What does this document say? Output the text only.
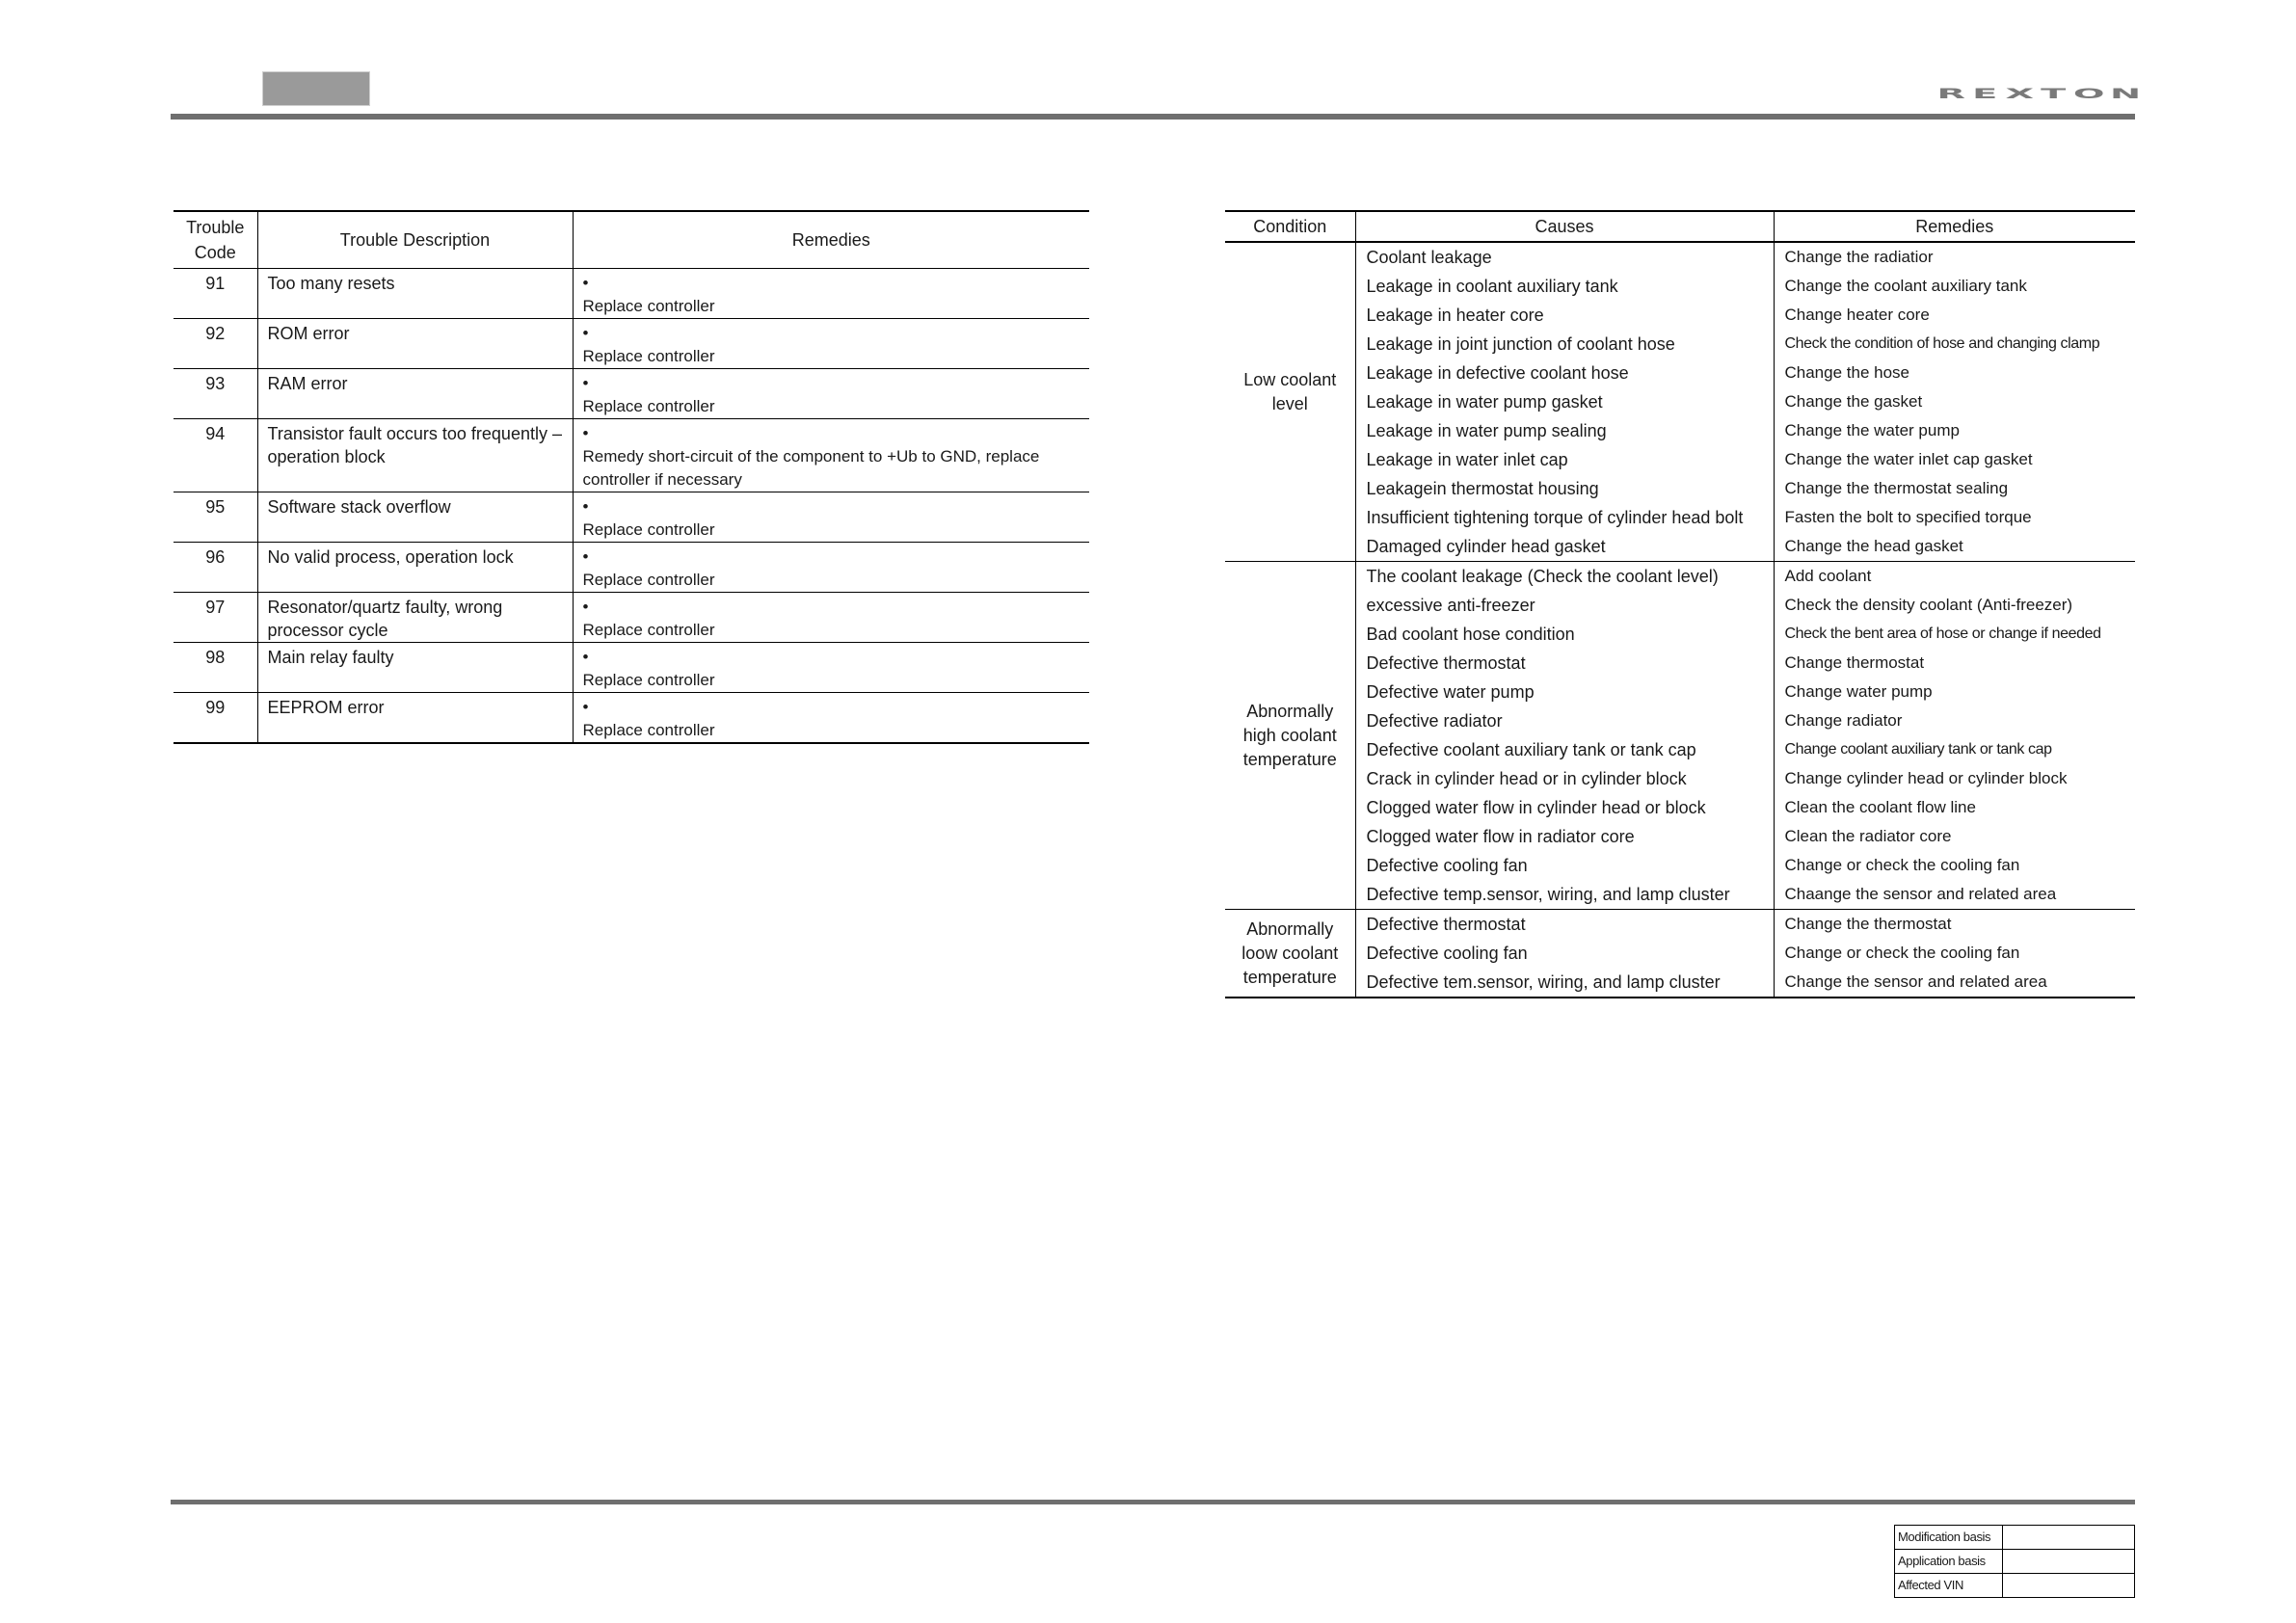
R E X T O N
Trouble Code	Trouble Description	Remedies
91	Too many resets	•Replace controller
92	ROM error	•Replace controller
93	RAM error	•Replace controller
94	Transistor fault occurs too frequently – operation block	•Remedy short-circuit of the component to +Ub to GND, replace controller if necessary
95	Software stack overflow	•Replace controller
96	No valid process, operation lock	•Replace controller
97	Resonator/quartz faulty, wrong processor cycle	•Replace controller
98	Main relay faulty	•Replace controller
99	EEPROM error	•Replace controller
Condition	Causes	Remedies
Low coolant level	Coolant leakage	Change the radiatior
	Leakage in coolant auxiliary tank	Change the coolant auxiliary tank
	Leakage in heater core	Change heater core
	Leakage in joint junction of coolant hose	Check the condition of hose and changing clamp
	Leakage in defective coolant hose	Change the hose
	Leakage in water pump gasket	Change the gasket
	Leakage in water pump sealing	Change the water pump
	Leakage in water inlet cap	Change the water inlet cap gasket
	Leakagein thermostat housing	Change the thermostat sealing
	Insufficient tightening torque of cylinder head bolt	Fasten the bolt to specified torque
	Damaged cylinder head gasket	Change the head gasket
Abnormally high coolant temperature	The coolant leakage (Check the coolant level)	Add coolant
	excessive anti-freezer	Check the density coolant (Anti-freezer)
	Bad coolant hose condition	Check the bent area of hose or change if needed
	Defective thermostat	Change thermostat
	Defective water pump	Change water pump
	Defective radiator	Change radiator
	Defective coolant auxiliary tank or tank cap	Change coolant auxiliary tank or tank cap
	Crack in cylinder head or in cylinder block	Change cylinder head or cylinder block
	Clogged water flow in cylinder head or block	Clean the coolant flow line
	Clogged water flow in radiator core	Clean the radiator core
	Defective cooling fan	Change or check the cooling fan
	Defective temp.sensor, wiring, and lamp cluster	Chaange the sensor and related area
Abnormally loow coolant temperature	Defective thermostat	Change the thermostat
	Defective cooling fan	Change or check the cooling fan
	Defective tem.sensor, wiring, and lamp cluster	Change the sensor and related area
Modification basis	
Application basis	
Affected VIN	
